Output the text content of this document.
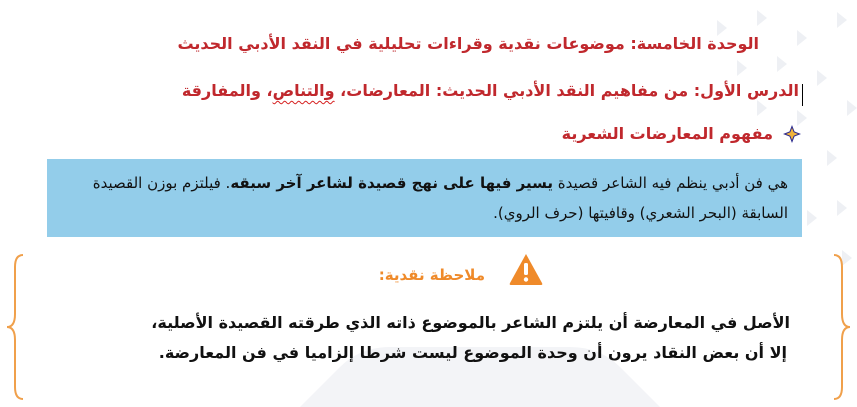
الوحدة الخامسة: موضوعات نقدية وقراءات تحليلية في النقد الأدبي الحديث
الدرس الأول: من مفاهيم النقد الأدبي الحديث: المعارضات، والتناص، والمفارقة
مفهوم المعارضات الشعرية
هي فن أدبي ينظم فيه الشاعر قصيدة يسير فيها على نهج قصيدة لشاعر آخر سبقه. فيلتزم بوزن القصيدة السابقة (البحر الشعري) وقافيتها (حرف الروي).
ملاحظة نقدية:
الأصل في المعارضة أن يلتزم الشاعر بالموضوع ذاته الذي طرقته القصيدة الأصلية،
إلا أن بعض النقاد يرون أن وحدة الموضوع ليست شرطا إلزاميا في فن المعارضة.
